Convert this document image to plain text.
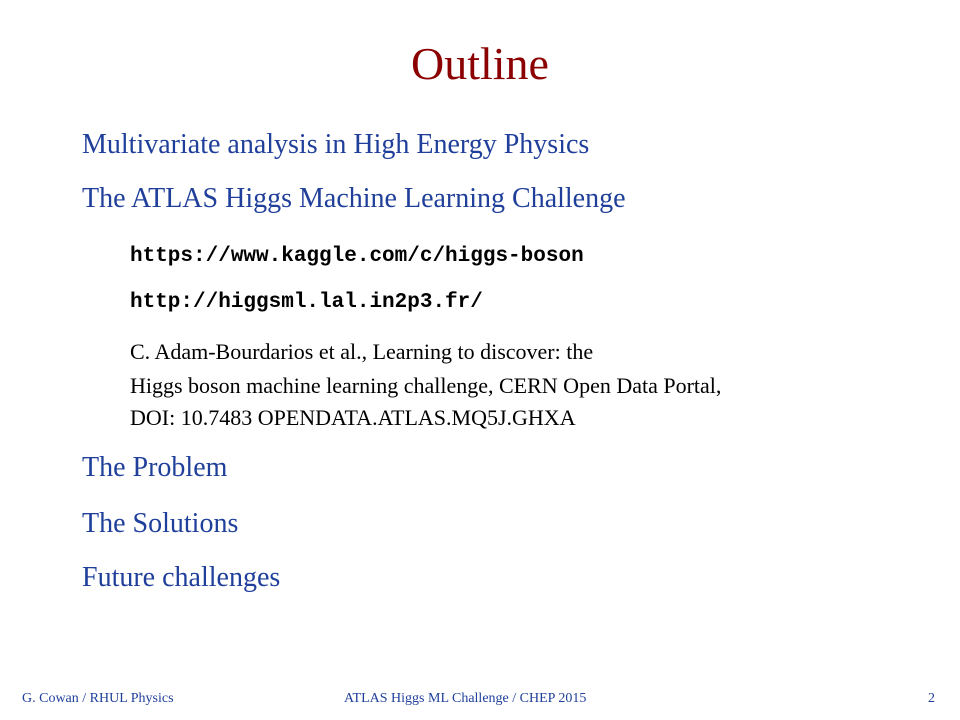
Outline
Multivariate analysis in High Energy Physics
The ATLAS Higgs Machine Learning Challenge
https://www.kaggle.com/c/higgs-boson
http://higgsml.lal.in2p3.fr/
C. Adam-Bourdarios et al., Learning to discover: the
Higgs boson machine learning challenge, CERN Open Data Portal,
DOI: 10.7483 OPENDATA.ATLAS.MQ5J.GHXA
The Problem
The Solutions
Future challenges
G. Cowan / RHUL Physics	ATLAS Higgs ML Challenge / CHEP 2015	2
